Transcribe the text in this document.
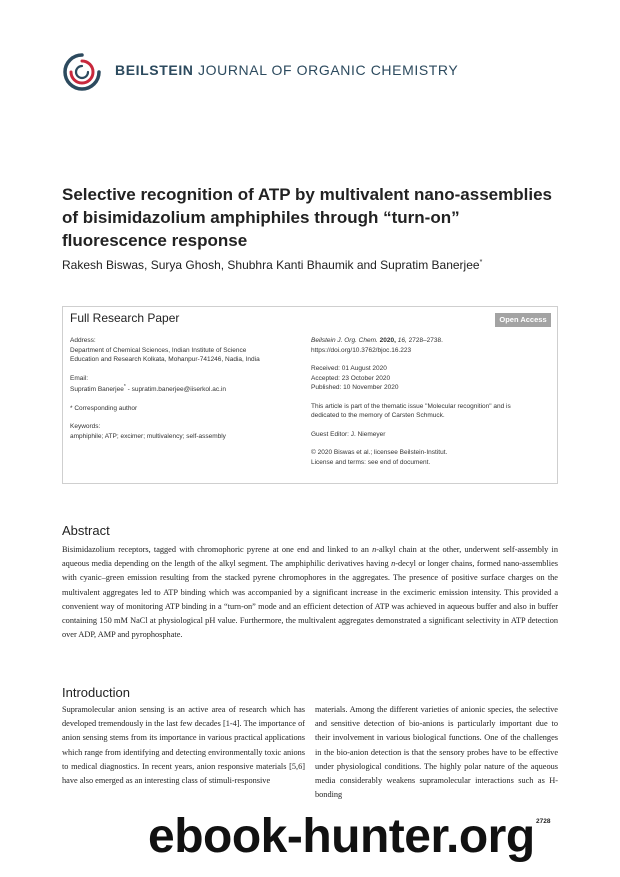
BEILSTEIN JOURNAL OF ORGANIC CHEMISTRY
Selective recognition of ATP by multivalent nano-assemblies of bisimidazolium amphiphiles through “turn-on” fluorescence response
Rakesh Biswas, Surya Ghosh, Shubhra Kanti Bhaumik and Supratim Banerjee*
Full Research Paper	Open Access
Address:
Department of Chemical Sciences, Indian Institute of Science
Education and Research Kolkata, Mohanpur-741246, Nadia, India
Email:
Supratim Banerjee* - supratim.banerjee@iiserkol.ac.in
* Corresponding author
Keywords:
amphiphile; ATP; excimer; multivalency; self-assembly
Beilstein J. Org. Chem. 2020, 16, 2728–2738.
https://doi.org/10.3762/bjoc.16.223
Received: 01 August 2020
Accepted: 23 October 2020
Published: 10 November 2020
This article is part of the thematic issue "Molecular recognition" and is
dedicated to the memory of Carsten Schmuck.
Guest Editor: J. Niemeyer
© 2020 Biswas et al.; licensee Beilstein-Institut.
License and terms: see end of document.
Abstract
Bisimidazolium receptors, tagged with chromophoric pyrene at one end and linked to an n-alkyl chain at the other, underwent self-assembly in aqueous media depending on the length of the alkyl segment. The amphiphilic derivatives having n-decyl or longer chains, formed nano-assemblies with cyanic–green emission resulting from the stacked pyrene chromophores in the aggregates. The presence of positive surface charges on the multivalent aggregates led to ATP binding which was accompanied by a significant increase in the excimeric emission intensity. This provided a convenient way of monitoring ATP binding in a “turn-on” mode and an efficient detection of ATP was achieved in aqueous buffer and also in buffer containing 150 mM NaCl at physiological pH value. Furthermore, the multivalent aggregates demonstrated a significant selectivity in ATP detection over ADP, AMP and pyrophosphate.
Introduction
Supramolecular anion sensing is an active area of research which has developed tremendously in the last few decades [1-4]. The importance of anion sensing stems from its importance in various practical applications which range from identifying and detecting environmentally toxic anions to medical diagnostics. In recent years, anion responsive materials [5,6] have also emerged as an interesting class of stimuli-responsive
materials. Among the different varieties of anionic species, the selective and sensitive detection of bio-anions is particularly important due to their involvement in various biological functions. One of the challenges in the bio-anion detection is that the sensory probes have to be effective under physiological conditions. The highly polar nature of the aqueous media considerably weakens supramolecular interactions such as H-bonding
2728
ebook-hunter.org
